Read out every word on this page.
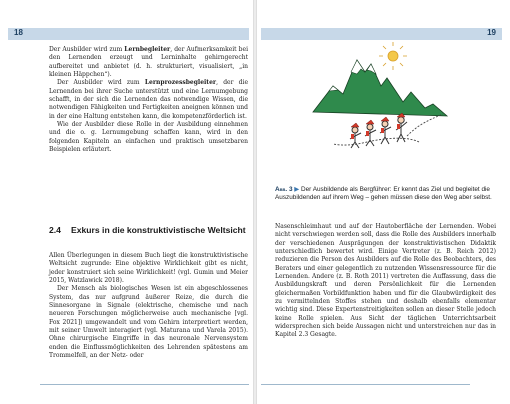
18

Der Ausbilder wird zum Lernbegleiter, der Aufmerksamkeit bei den Lernenden erzeugt und Lerninhalte gehirngerecht aufbereitet und anbietet (d. h. strukturiert, visualisiert, „in kleinen Häppchen“).

Der Ausbilder wird zum Lernprozessbegleiter, der die Lernenden bei ihrer Suche unterstützt und eine Lernumgebung schafft, in der sich die Lernenden das notwendige Wissen, die notwendigen Fähigkeiten und Fertigkeiten aneignen können und in der eine Haltung entstehen kann, die kompetenzförderlich ist.

Wie der Ausbilder diese Rolle in der Ausbildung einnehmen und die o. g. Lernumgebung schaffen kann, wird in den folgenden Kapiteln an einfachen und praktisch umsetzbaren Beispielen erläutert.

2.4 Exkurs in die konstruktivistische Weltsicht

Allen Überlegungen in diesem Buch liegt die konstruktivistische Weltsicht zugrunde: Eine objektive Wirklichkeit gibt es nicht, jeder konstruiert sich seine Wirklichkeit! (vgl. Gumin und Meier 2015, Watzlawick 2018).

Der Mensch als biologisches Wesen ist ein abgeschlossenes System, das nur aufgrund äußerer Reize, die durch die Sinnesorgane in Signale (elektrische, chemische und nach neueren Forschungen möglicherweise auch mechanische [vgl. Fox 2021]) umgewandelt und vom Gehirn interpretiert werden, mit seiner Umwelt interagiert (vgl. Maturana und Varela 2015). Ohne chirurgische Eingriffe in das neuronale Nervensystem enden die Einflussmöglichkeiten des Lehrenden spätestens am Trommelfell, an der Netz- oder

19
Abb. 3 ▶ Der Ausbildende als Bergführer: Er kennt das Ziel und begleitet die Auszubildenden auf ihrem Weg – gehen müssen diese den Weg aber selbst.

Nasenschleimhaut und auf der Hautoberfläche der Lernenden. Wobei nicht verschwiegen werden soll, dass die Rolle des Ausbilders innerhalb der verschiedenen Ausprägungen der konstruktivistischen Didaktik unterschiedlich bewertet wird. Einige Vertreter (z. B. Reich 2012) reduzieren die Person des Ausbilders auf die Rolle des Beobachters, des Beraters und einer gelegentlich zu nutzenden Wissensressource für die Lernenden. Andere (z. B. Roth 2011) vertreten die Auffassung, dass die Ausbildungskraft und deren Persönlichkeit für die Lernenden gleichermaßen Vorbildfunktion haben und für die Glaubwürdigkeit des zu vermittelnden Stoffes stehen und deshalb ebenfalls elementar wichtig sind. Diese Expertenstreitigkeiten sollen an dieser Stelle jedoch keine Rolle spielen. Aus Sicht der täglichen Unterrichtsarbeit widersprechen sich beide Aussagen nicht und unterstreichen nur das in Kapitel 2.3 Gesagte.
